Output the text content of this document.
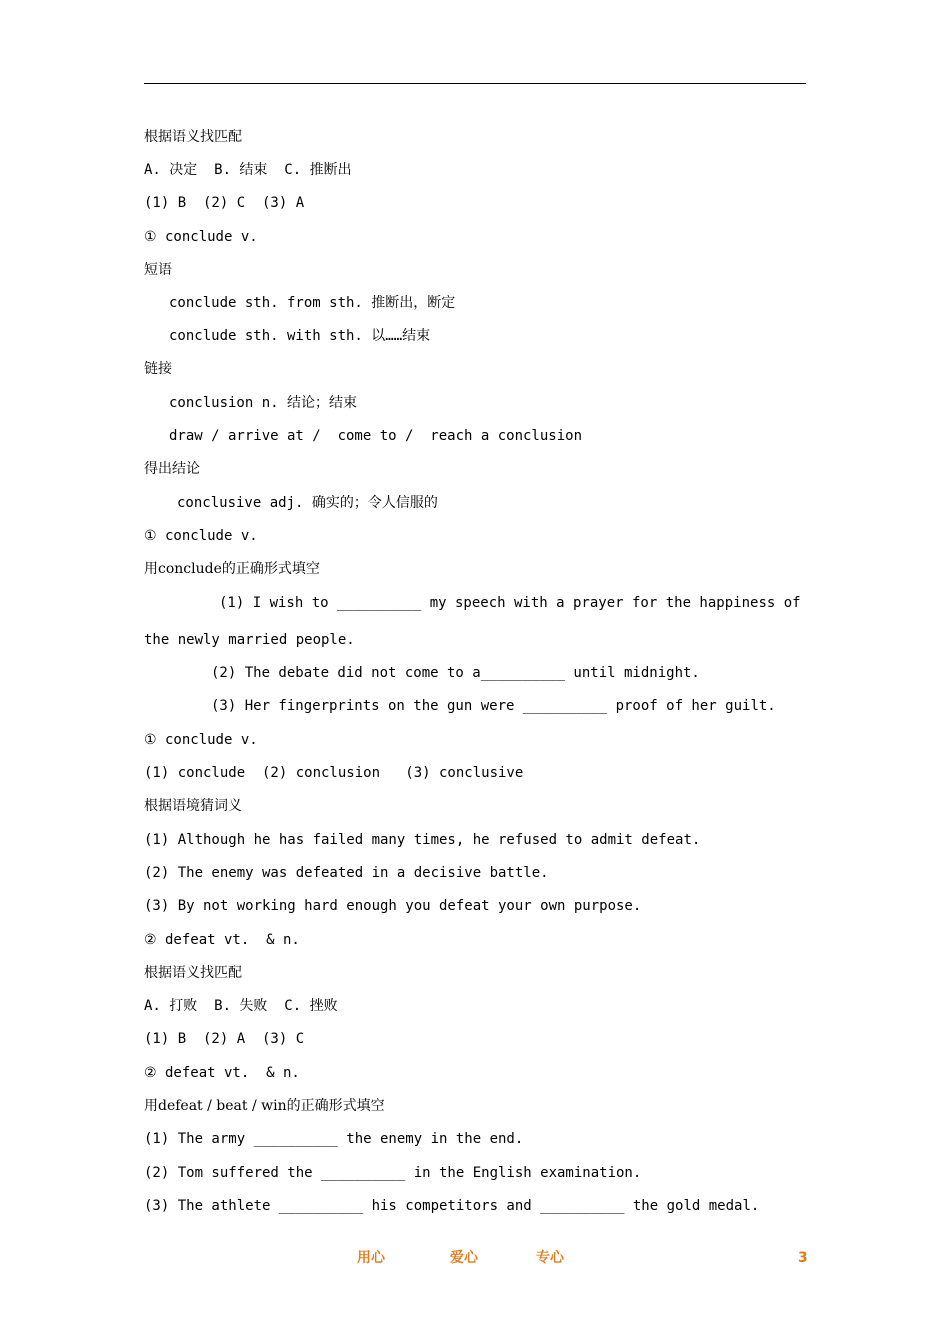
根据语义找匹配
A. 决定  B. 结束  C. 推断出
(1) B  (2) C  (3) A
① conclude v.
短语
conclude sth. from sth. 推断出，断定
conclude sth. with sth. 以……结束
链接
conclusion n. 结论；结束
draw / arrive at /  come to /  reach a conclusion
得出结论
conclusive adj. 确实的；令人信服的
① conclude v.
用conclude的正确形式填空
(1) I wish to __________ my speech with a prayer for the happiness of
the newly married people.
(2) The debate did not come to a__________ until midnight.
(3) Her fingerprints on the gun were __________ proof of her guilt.
① conclude v.
(1) conclude  (2) conclusion   (3) conclusive
根据语境猜词义
(1) Although he has failed many times, he refused to admit defeat.
(2) The enemy was defeated in a decisive battle.
(3) By not working hard enough you defeat your own purpose.
② defeat vt.  & n.
根据语义找匹配
A. 打败  B. 失败  C. 挫败
(1) B  (2) A  (3) C
② defeat vt.  & n.
用defeat / beat / win的正确形式填空
(1) The army __________ the enemy in the end.
(2) Tom suffered the __________ in the English examination.
(3) The athlete __________ his competitors and __________ the gold medal.
用心	爱心	专心	3
